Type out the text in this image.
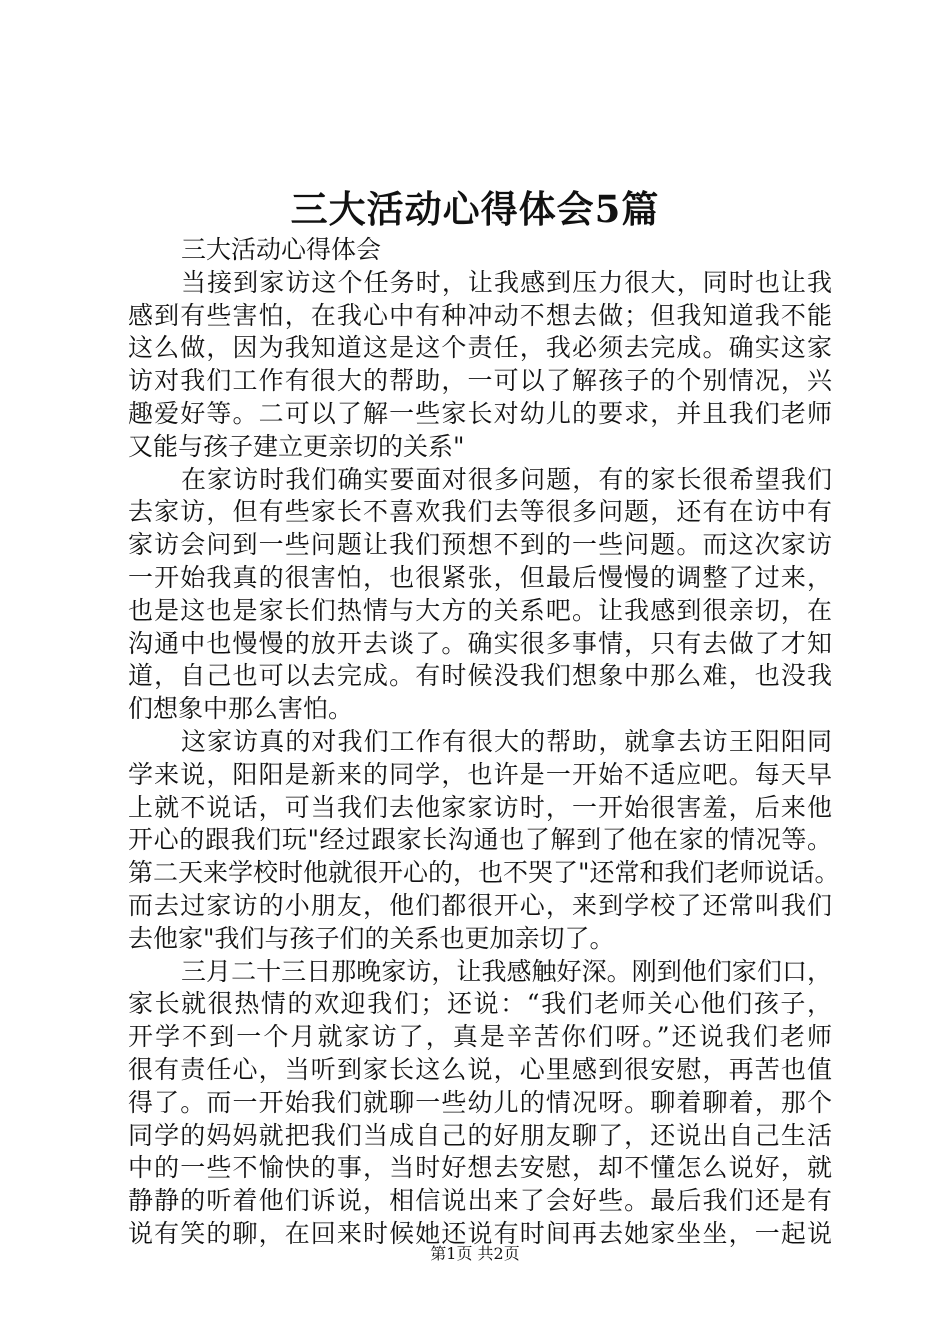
三大活动心得体会5篇
三大活动心得体会
当接到家访这个任务时，让我感到压力很大，同时也让我
感到有些害怕，在我心中有种冲动不想去做；但我知道我不能
这么做，因为我知道这是这个责任，我必须去完成。确实这家
访对我们工作有很大的帮助，一可以了解孩子的个别情况，兴
趣爱好等。二可以了解一些家长对幼儿的要求，并且我们老师
又能与孩子建立更亲切的关系"
在家访时我们确实要面对很多问题，有的家长很希望我们
去家访，但有些家长不喜欢我们去等很多问题，还有在访中有
家访会问到一些问题让我们预想不到的一些问题。而这次家访
一开始我真的很害怕，也很紧张，但最后慢慢的调整了过来，
也是这也是家长们热情与大方的关系吧。让我感到很亲切，在
沟通中也慢慢的放开去谈了。确实很多事情，只有去做了才知
道，自己也可以去完成。有时候没我们想象中那么难，也没我
们想象中那么害怕。
这家访真的对我们工作有很大的帮助，就拿去访王阳阳同
学来说，阳阳是新来的同学，也许是一开始不适应吧。每天早
上就不说话，可当我们去他家家访时，一开始很害羞，后来他
开心的跟我们玩"经过跟家长沟通也了解到了他在家的情况等。
第二天来学校时他就很开心的，也不哭了"还常和我们老师说话。
而去过家访的小朋友，他们都很开心，来到学校了还常叫我们
去他家"我们与孩子们的关系也更加亲切了。
三月二十三日那晚家访，让我感触好深。刚到他们家们口，
家长就很热情的欢迎我们；还说：“我们老师关心他们孩子，
开学不到一个月就家访了，真是辛苦你们呀。”还说我们老师
很有责任心，当听到家长这么说，心里感到很安慰，再苦也值
得了。而一开始我们就聊一些幼儿的情况呀。聊着聊着，那个
同学的妈妈就把我们当成自己的好朋友聊了，还说出自己生活
中的一些不愉快的事，当时好想去安慰，却不懂怎么说好，就
静静的听着他们诉说，相信说出来了会好些。最后我们还是有
说有笑的聊，在回来时候她还说有时间再去她家坐坐，一起说
第1页 共2页
